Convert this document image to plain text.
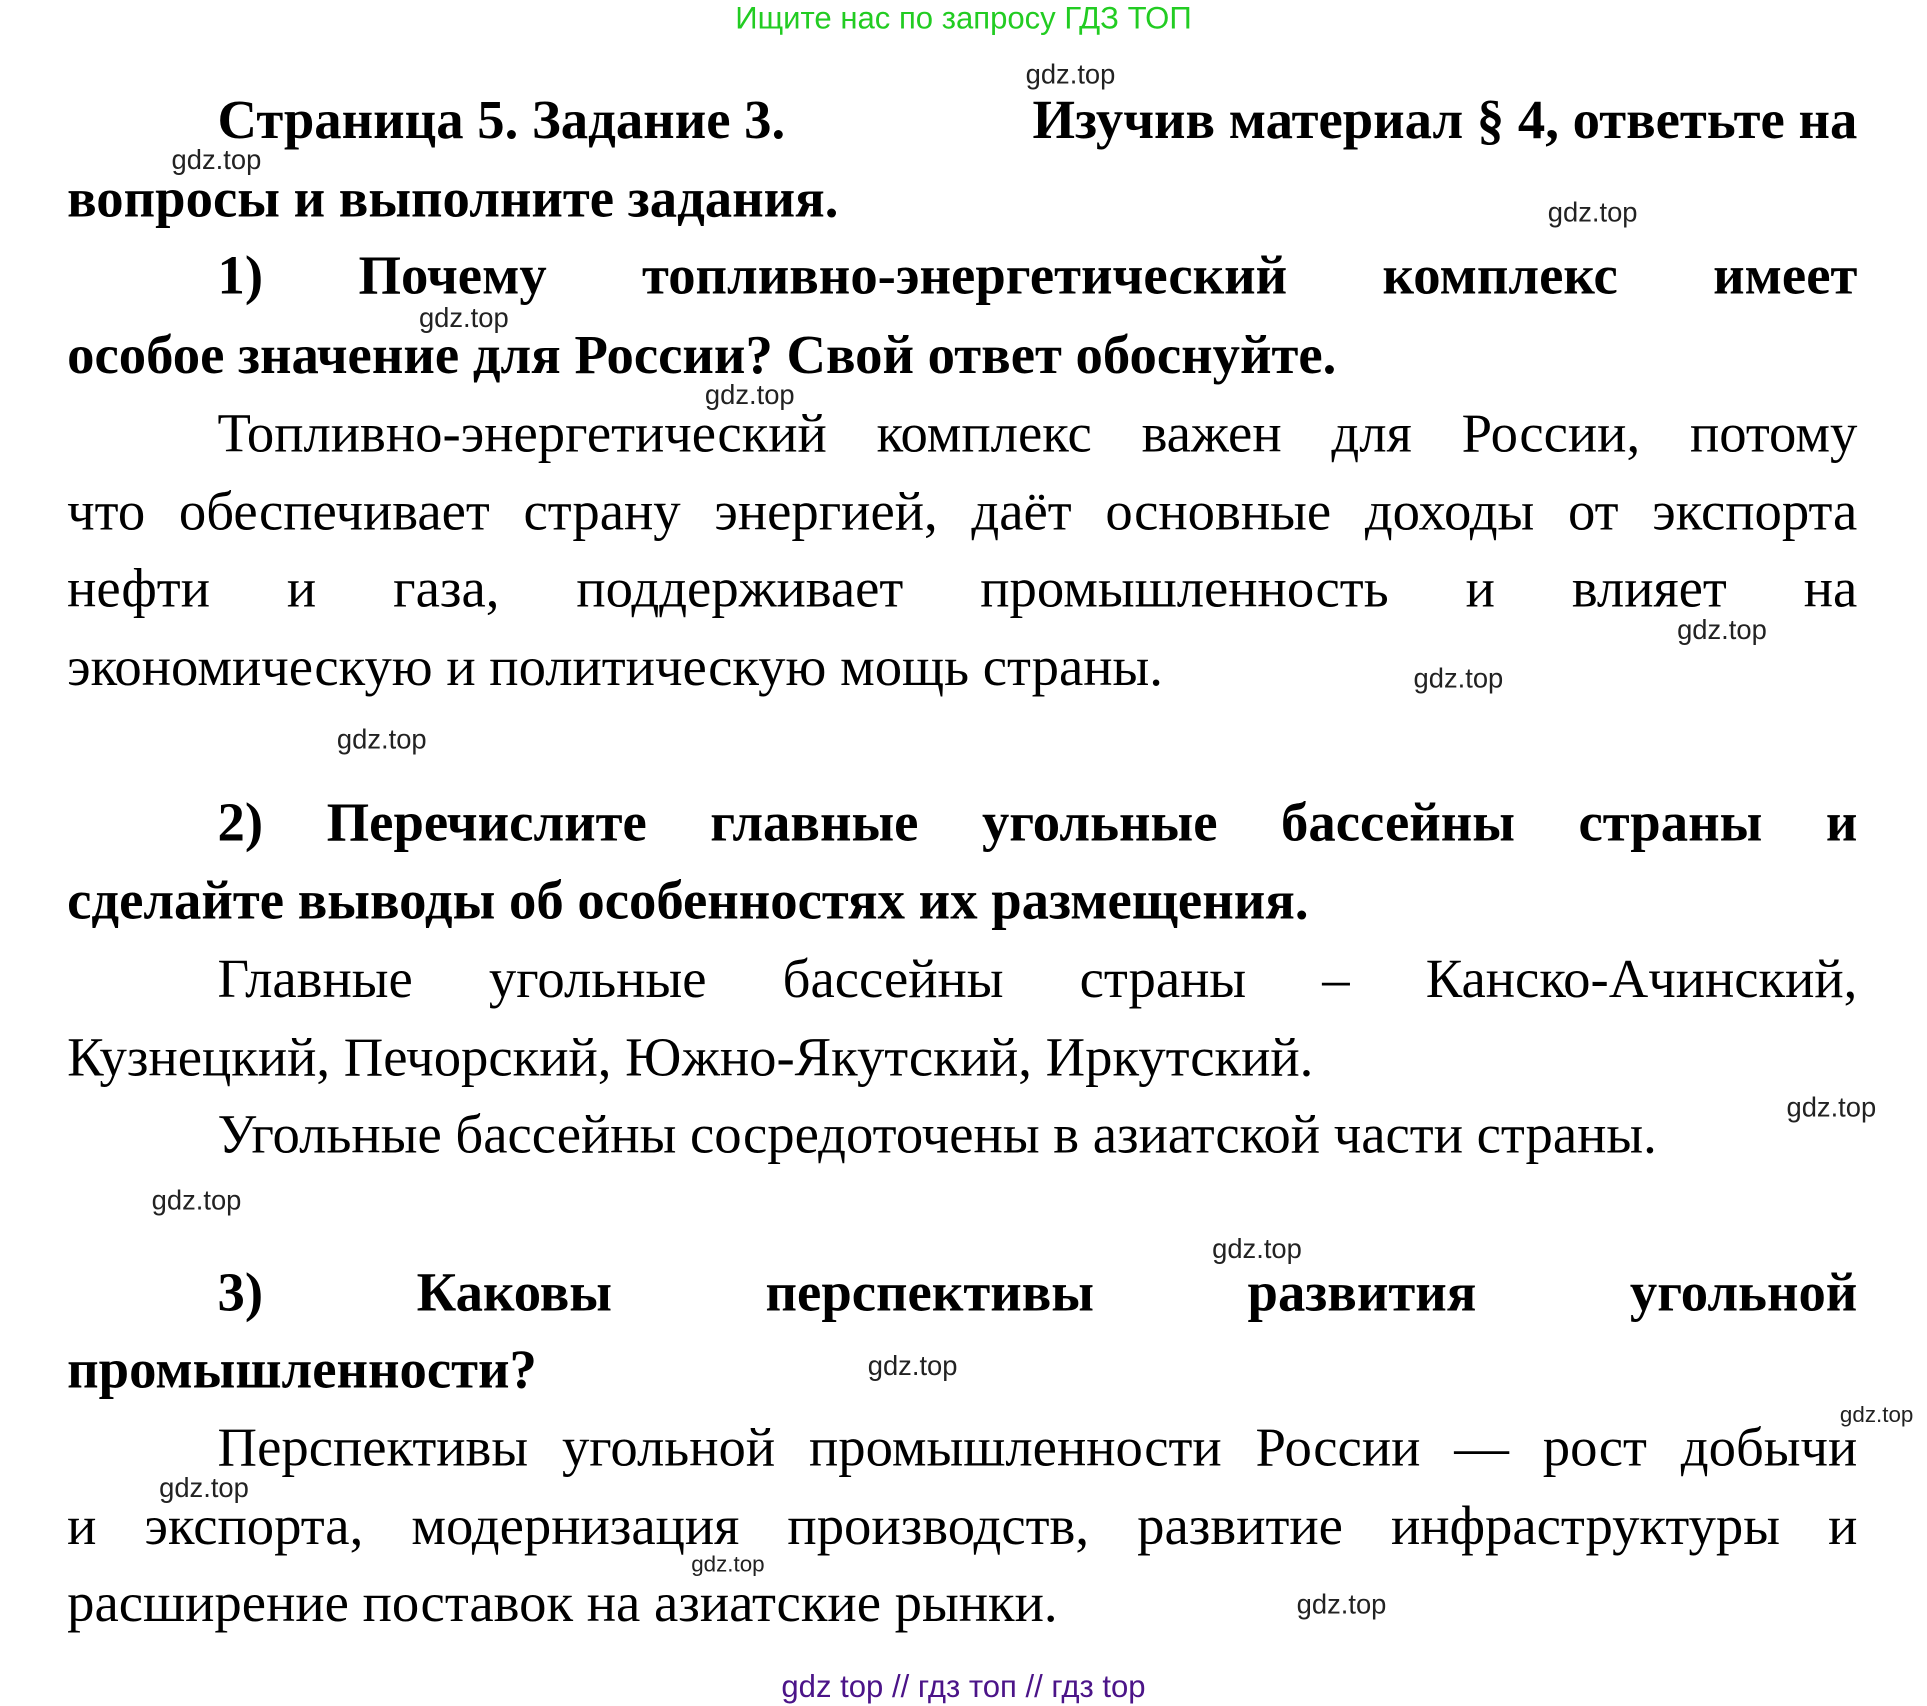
Ищите нас по запросу ГДЗ ТОП
Страница 5. Задание 3.	Изучив материал § 4, ответьте на
вопросы и выполните задания.
1) Почему топливно-энергетический комплекс имеет
особое значение для России? Свой ответ обоснуйте.
Топливно-энергетический комплекс важен для России, потому
что обеспечивает страну энергией, даёт основные доходы от экспорта
нефти и газа, поддерживает промышленность и влияет на
экономическую и политическую мощь страны.
2) Перечислите главные угольные бассейны страны и
сделайте выводы об особенностях их размещения.
Главные угольные бассейны страны – Канско-Ачинский,
Кузнецкий, Печорский, Южно-Якутский, Иркутский.
Угольные бассейны сосредоточены в азиатской части страны.
3) Каковы перспективы развития угольной
промышленности?
Перспективы угольной промышленности России — рост добычи
и экспорта, модернизация производств, развитие инфраструктуры и
расширение поставок на азиатские рынки.
gdz.top
gdz.top
gdz.top
gdz.top
gdz.top
gdz.top
gdz.top
gdz.top
gdz.top
gdz.top
gdz.top
gdz.top
gdz.top
gdz.top
gdz.top
gdz.top
gdz top // гдз топ // гдз top
